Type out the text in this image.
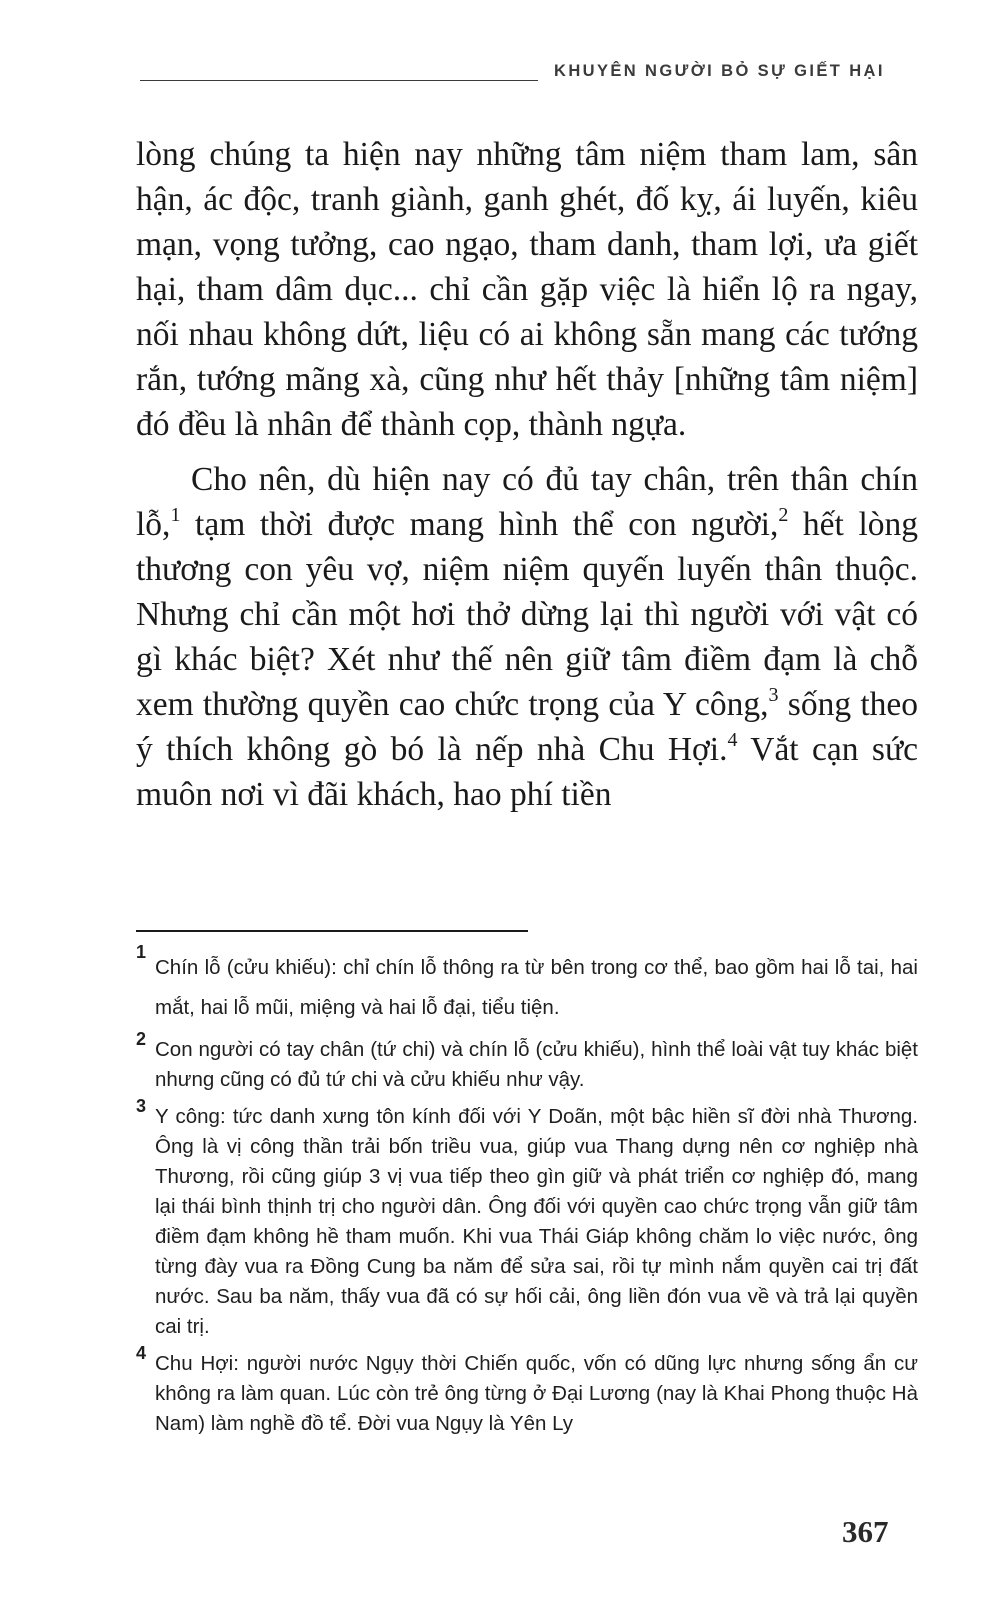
KHUYÊN NGƯỜI BỎ SỰ GIẾT HẠI

lòng chúng ta hiện nay những tâm niệm tham lam, sân hận, ác độc, tranh giành, ganh ghét, đố kỵ, ái luyến, kiêu mạn, vọng tưởng, cao ngạo, tham danh, tham lợi, ưa giết hại, tham dâm dục... chỉ cần gặp việc là hiển lộ ra ngay, nối nhau không dứt, liệu có ai không sẵn mang các tướng rắn, tướng mãng xà, cũng như hết thảy [những tâm niệm] đó đều là nhân để thành cọp, thành ngựa.

Cho nên, dù hiện nay có đủ tay chân, trên thân chín lỗ,$^1$ tạm thời được mang hình thể con người,$^2$ hết lòng thương con yêu vợ, niệm niệm quyến luyến thân thuộc. Nhưng chỉ cần một hơi thở dừng lại thì người với vật có gì khác biệt? Xét như thế nên giữ tâm điềm đạm là chỗ xem thường quyền cao chức trọng của Y công,$^3$ sống theo ý thích không gò bó là nếp nhà Chu Hợi.$^4$ Vắt cạn sức muôn nơi vì đãi khách, hao phí tiền

1
Chín lỗ (cửu khiếu): chỉ chín lỗ thông ra từ bên trong cơ thể, bao gồm hai lỗ tai, hai mắt, hai lỗ mũi, miệng và hai lỗ đại, tiểu tiện.

2 Con người có tay chân (tứ chi) và chín lỗ (cửu khiếu), hình thể loài vật tuy khác biệt nhưng cũng có đủ tứ chi và cửu khiếu như vậy.

3 Y công: tức danh xưng tôn kính đối với Y Doãn, một bậc hiền sĩ đời nhà Thương. Ông là vị công thần trải bốn triều vua, giúp vua Thang dựng nên cơ nghiệp nhà Thương, rồi cũng giúp 3 vị vua tiếp theo gìn giữ và phát triển cơ nghiệp đó, mang lại thái bình thịnh trị cho người dân. Ông đối với quyền cao chức trọng vẫn giữ tâm điềm đạm không hề tham muốn. Khi vua Thái Giáp không chăm lo việc nước, ông từng đày vua ra Đồng Cung ba năm để sửa sai, rồi tự mình nắm quyền cai trị đất nước. Sau ba năm, thấy vua đã có sự hối cải, ông liền đón vua về và trả lại quyền cai trị.

4 Chu Hợi: người nước Ngụy thời Chiến quốc, vốn có dũng lực nhưng sống ẩn cư không ra làm quan. Lúc còn trẻ ông từng ở Đại Lương (nay là Khai Phong thuộc Hà Nam) làm nghề đồ tể. Đời vua Ngụy là Yên Ly

367
